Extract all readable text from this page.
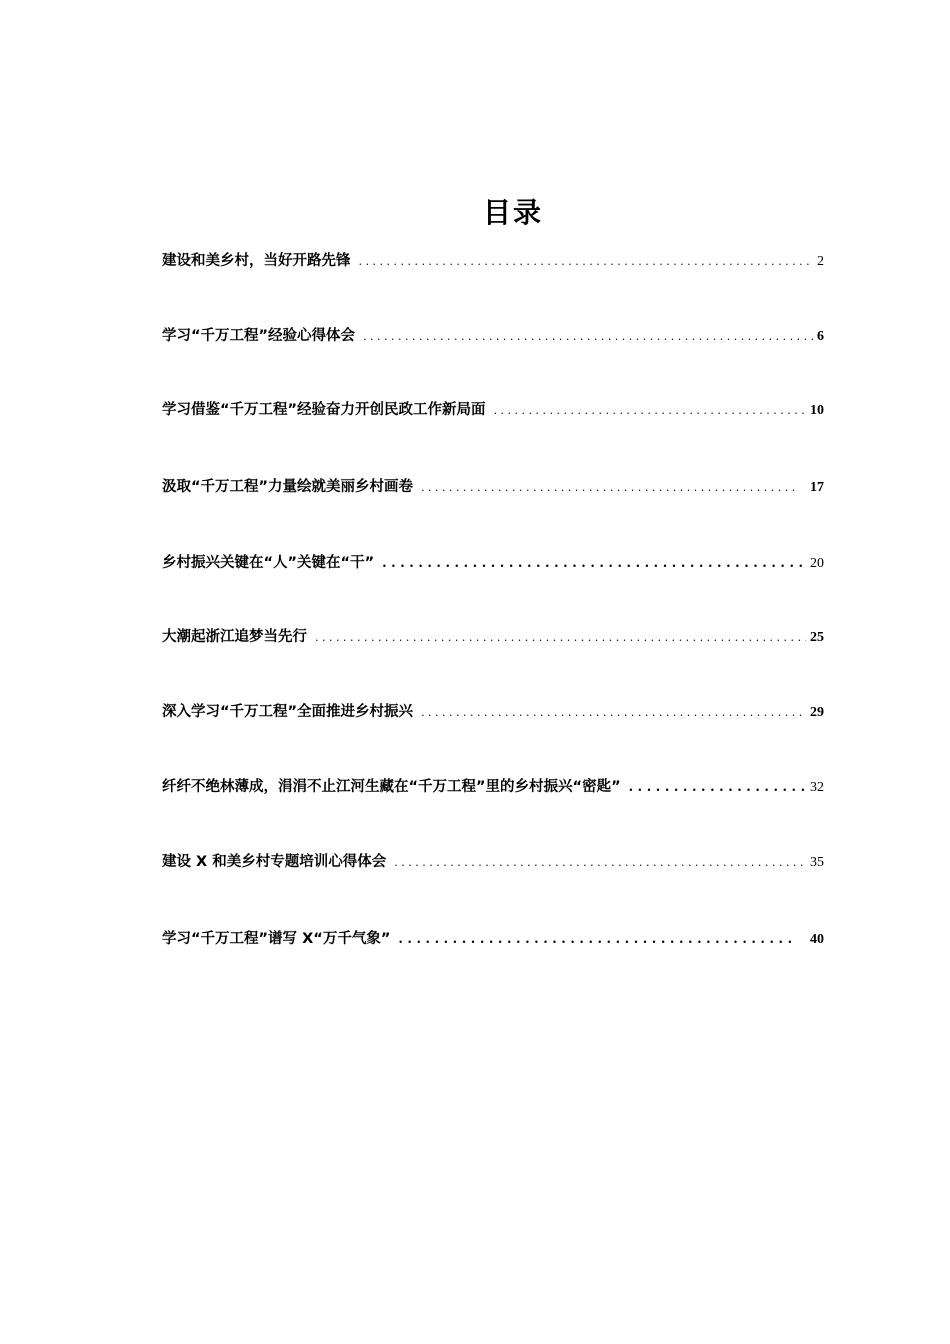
目录
建设和美乡村，当好开路先锋 . . .	2
学习“千万工程”经验心得体会 . . .	6
学习借鉴“千万工程”经验奋力开创民政工作新局面 . . .	10
汲取“千万工程”力量绘就美丽乡村画卷 . . .	17
乡村振兴关键在“人”关键在“干” . . .	20
大潮起浙江追梦当先行 . . .	25
深入学习“千万工程”全面推进乡村振兴 . . .	29
纤纤不绝林薄成，涓涓不止江河生藏在“千万工程”里的乡村振兴“密匙” . . .	32
建设 X 和美乡村专题培训心得体会 . . .	35
学习“千万工程”谱写 X“万千气象” . . .	40
